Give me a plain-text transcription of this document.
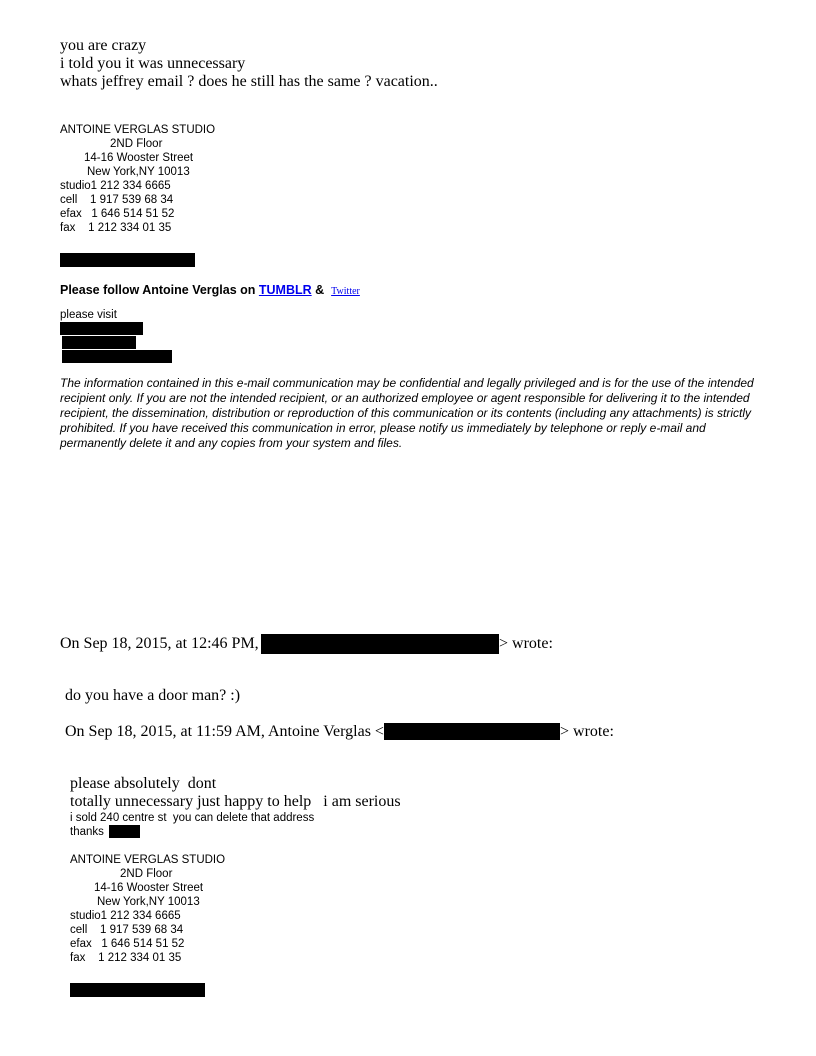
you are crazy
i told you it was unnecessary
whats jeffrey email ? does he still has the same ? vacation..
ANTOINE VERGLAS STUDIO
2ND Floor
14-16 Wooster Street
New York,NY 10013
studio1 212 334 6665
cell    1 917 539 68 34
efax   1 646 514 51 52
fax    1 212 334 01 35
Please follow Antoine Verglas on TUMBLR &  Twitter
please visit

The information contained in this e-mail communication may be confidential and legally privileged and is for the use of the intended recipient only. If you are not the intended recipient, or an authorized employee or agent responsible for delivering it to the intended recipient, the dissemination, distribution or reproduction of this communication or its contents (including any attachments) is strictly prohibited. If you have received this communication in error, please notify us immediately by telephone or reply e-mail and permanently delete it and any copies from your system and files.

On Sep 18, 2015, at 12:46 PM,	> wrote:
do you have a door man? :)
On Sep 18, 2015, at 11:59 AM, Antoine Verglas <	> wrote:
please absolutely  dont
totally unnecessary just happy to help   i am serious
i sold 240 centre st  you can delete that address
thanks
ANTOINE VERGLAS STUDIO
2ND Floor
14-16 Wooster Street
New York,NY 10013
studio1 212 334 6665
cell    1 917 539 68 34
efax   1 646 514 51 52
fax    1 212 334 01 35
